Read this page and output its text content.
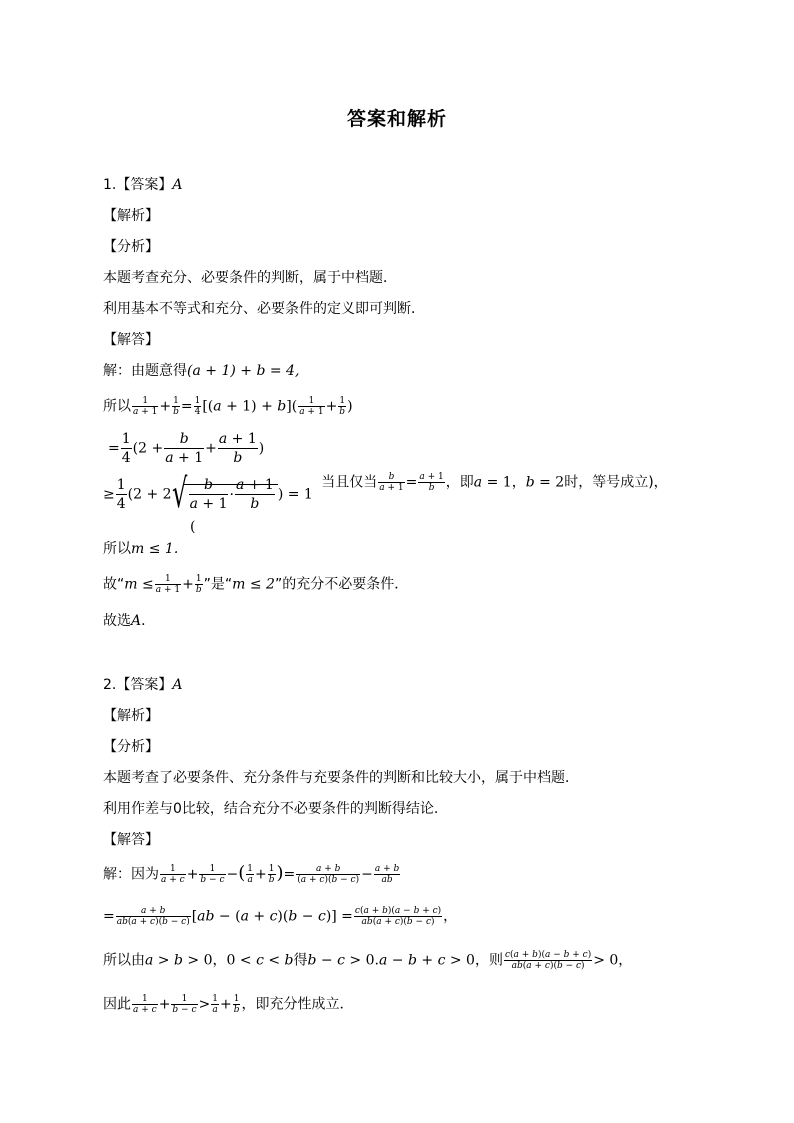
答案和解析
1.【答案】A
【解析】
【分析】
本题考查充分、必要条件的判断，属于中档题．
利用基本不等式和充分、必要条件的定义即可判断．
【解答】
解：由题意得(a + 1) + b = 4,
所以 $\frac{1}{a + 1} + \frac{1}{b} = \frac{1}{4} [(a + 1) + b]( \frac{1}{a + 1} + \frac{1}{b}$ )
= $\frac{1}{4} (2 + \frac{b}{a + 1} + \frac{a + 1}{b}$ )
≥ $\frac{1}{4} (2 + 2$ √ $\frac{b}{a + 1} \cdot \frac{a + 1}{b}$ ) = 1 当且仅当 $\frac{b}{a + 1} = \frac{a + 1}{b}$ ，即a = 1，b = 2时，等号成立)，
(
所以m ≤ 1.
故“$m \le \frac{1}{a + 1} + \frac{1}{b}$ ”是“m ≤ 2”的充分不必要条件．
故选A．
2.【答案】A
【解析】
【分析】
本题考查了必要条件、充分条件与充要条件的判断和比较大小，属于中档题．
利用作差与0比较，结合充分不必要条件的判断得结论.
【解答】
解：因为 $\frac{1}{a + c} + \frac{1}{b - c}$ −( $\frac{1}{a} + \frac{1}{b}$ )= $\frac{a + b}{(a + c)(b - c)} - \frac{a + b}{ab}$
= $\frac{a + b}{ab(a + c)(b - c)} [ab - (a + c)(b - c)] = \frac{c(a + b)(a - b + c)}{ab(a + c)(b - c)}$ ，
所以由a > b > 0，0 < c < b得b − c > 0.a − b + c > 0，则 $\frac{c(a + b)(a - b + c)}{ab(a + c)(b - c)} > 0$，
因此 $\frac{1}{a + c} + \frac{1}{b - c} > \frac{1}{a} + \frac{1}{b}$ ，即充分性成立．
